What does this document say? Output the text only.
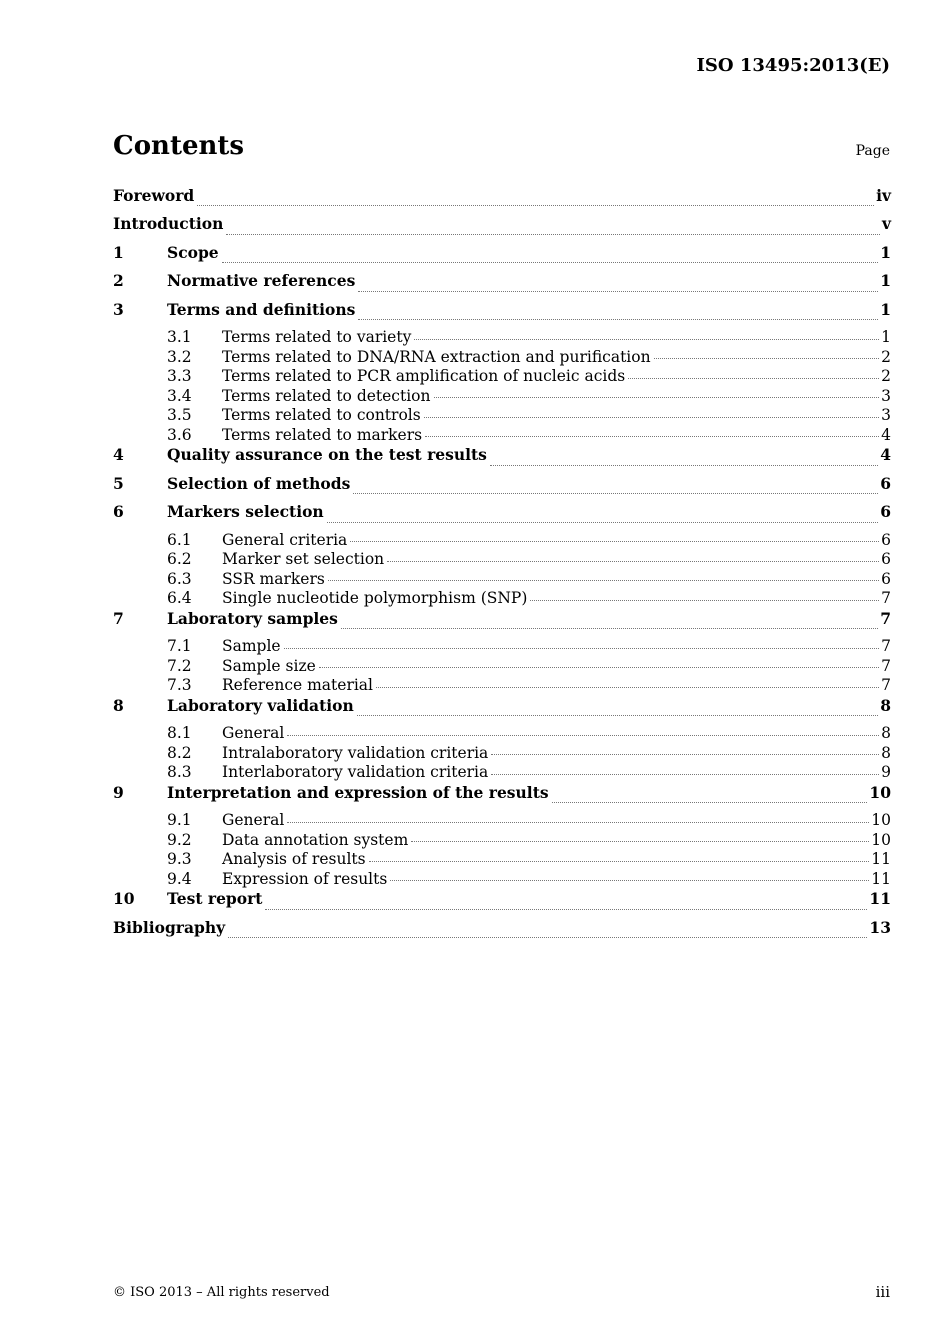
ISO 13495:2013(E)
Contents	Page
Foreword	iv
Introduction	v
1	Scope	1
2	Normative references	1
3	Terms and definitions	1
3.1	Terms related to variety	1
3.2	Terms related to DNA/RNA extraction and purification	2
3.3	Terms related to PCR amplification of nucleic acids	2
3.4	Terms related to detection	3
3.5	Terms related to controls	3
3.6	Terms related to markers	4
4	Quality assurance on the test results	4
5	Selection of methods	6
6	Markers selection	6
6.1	General criteria	6
6.2	Marker set selection	6
6.3	SSR markers	6
6.4	Single nucleotide polymorphism (SNP)	7
7	Laboratory samples	7
7.1	Sample	7
7.2	Sample size	7
7.3	Reference material	7
8	Laboratory validation	8
8.1	General	8
8.2	Intralaboratory validation criteria	8
8.3	Interlaboratory validation criteria	9
9	Interpretation and expression of the results	10
9.1	General	10
9.2	Data annotation system	10
9.3	Analysis of results	11
9.4	Expression of results	11
10	Test report	11
Bibliography	13
© ISO 2013 – All rights reserved	iii
